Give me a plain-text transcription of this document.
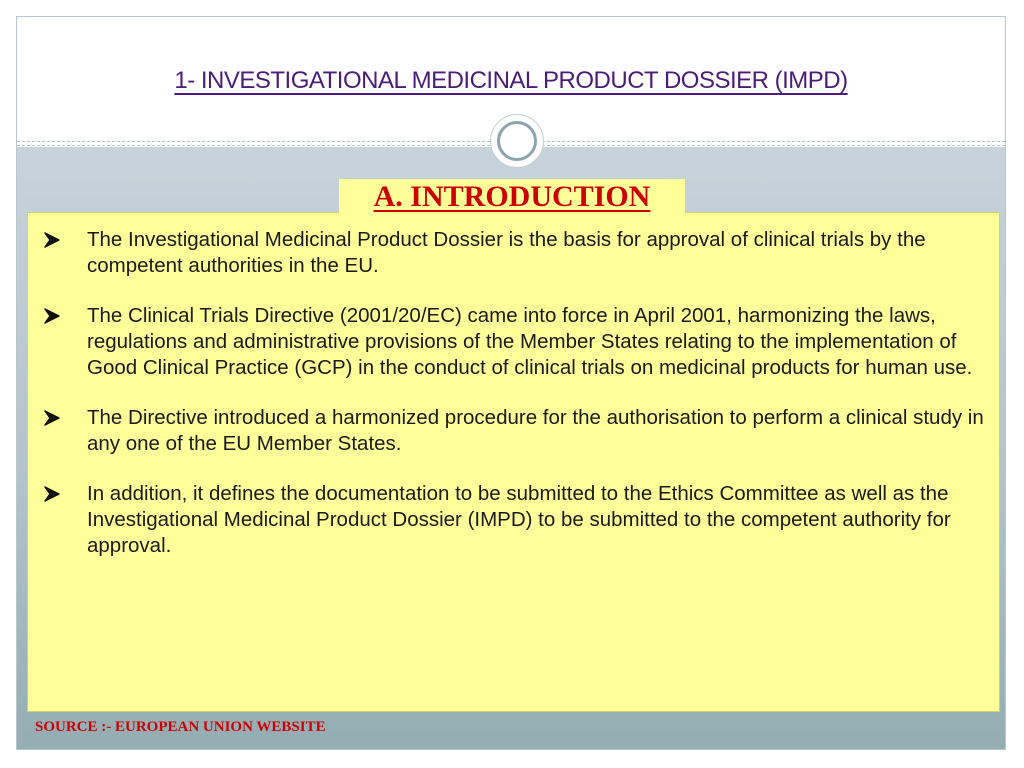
1- INVESTIGATIONAL MEDICINAL PRODUCT DOSSIER (IMPD)
A. INTRODUCTION
The Investigational Medicinal Product Dossier is the basis for approval of clinical trials by the competent authorities in the EU.
The Clinical Trials Directive (2001/20/EC) came into force in April 2001, harmonizing the laws, regulations and administrative provisions of the Member States relating to the implementation of Good Clinical Practice (GCP) in the conduct of clinical trials on medicinal products for human use.
The Directive introduced a harmonized procedure for the authorisation to perform a clinical study in any one of the EU Member States.
In addition, it defines the documentation to be submitted to the Ethics Committee as well as the Investigational Medicinal Product Dossier (IMPD) to be submitted to the competent authority for approval.
SOURCE :- EUROPEAN UNION WEBSITE
